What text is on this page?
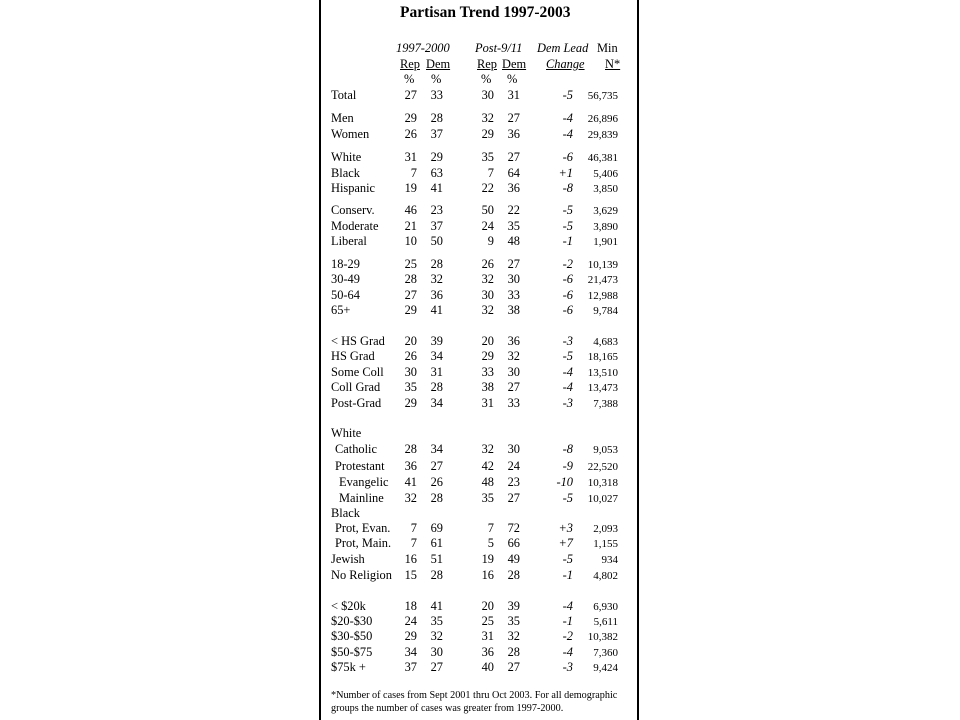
Partisan Trend 1997-2003
1997-2000 Post-9/11 Dem Lead Min
Rep Dem Rep Dem Change	N*
% %	% %
Total	27 33	30 31	-5 56,735
Men	29 28	32 27	-4 26,896
Women	26 37	29 36	-4 29,839
White	31 29	35 27	-6 46,381
Black	7 63	7 64	+1 5,406
Hispanic 19 41	22 36	-8 3,850
Conserv. 46 23	50 22	-5 3,629
Moderate 21 37	24 35	-5 3,890
Liberal	10 50	9 48	-1 1,901
18-29	25 28	26 27	-2 10,139
30-49	28 32	32 30	-6 21,473
50-64	27 36	30 33	-6 12,988
65+	29 41	32 38	-6 9,784
< HS Grad 20 39	20 36	-3 4,683
HS Grad 26 34	29 32	-5 18,165
Some Coll 30 31	33 30	-4 13,510
Coll Grad 35 28	38 27	-4 13,473
Post-Grad 29 34	31 33	-3 7,388
White
Catholic 28 34	32 30	-8 9,053
Protestant 36 27	42 24	-9 22,520
Evangelic 41 26	48 23	-10 10,318
Mainline 32 28	35 27	-5 10,027
Black
Prot, Evan. 7 69	7 72	+3 2,093
Prot, Main. 7 61	5 66	+7 1,155
Jewish	16 51	19 49	-5	934
No Religion 15 28	16 28	-1 4,802
< $20k	18 41	20 39	-4 6,930
$20-$30	24 35	25 35	-1 5,611
$30-$50	29 32	31 32	-2 10,382
$50-$75	34 30	36 28	-4 7,360
$75k +	37 27	40 27	-3 9,424
*Number of cases from Sept 2001 thru Oct 2003. For all demographic
groups the number of cases was greater from 1997-2000.
